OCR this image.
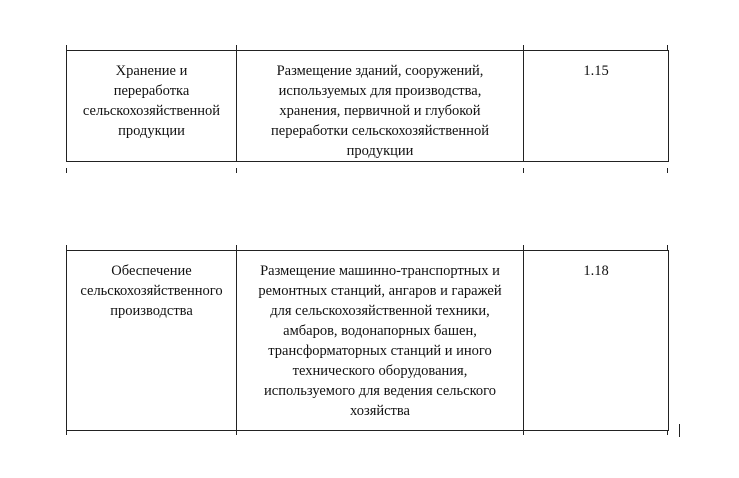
Хранение и
переработка
сельскохозяйственной
продукции	Размещение зданий, сооружений,
используемых для производства,
хранения, первичной и глубокой
переработки сельскохозяйственной
продукции	1.15
Обеспечение
сельскохозяйственного
производства	Размещение машинно-транспортных и
ремонтных станций, ангаров и гаражей
для сельскохозяйственной техники,
амбаров, водонапорных башен,
трансформаторных станций и иного
технического оборудования,
используемого для ведения сельского
хозяйства	1.18
